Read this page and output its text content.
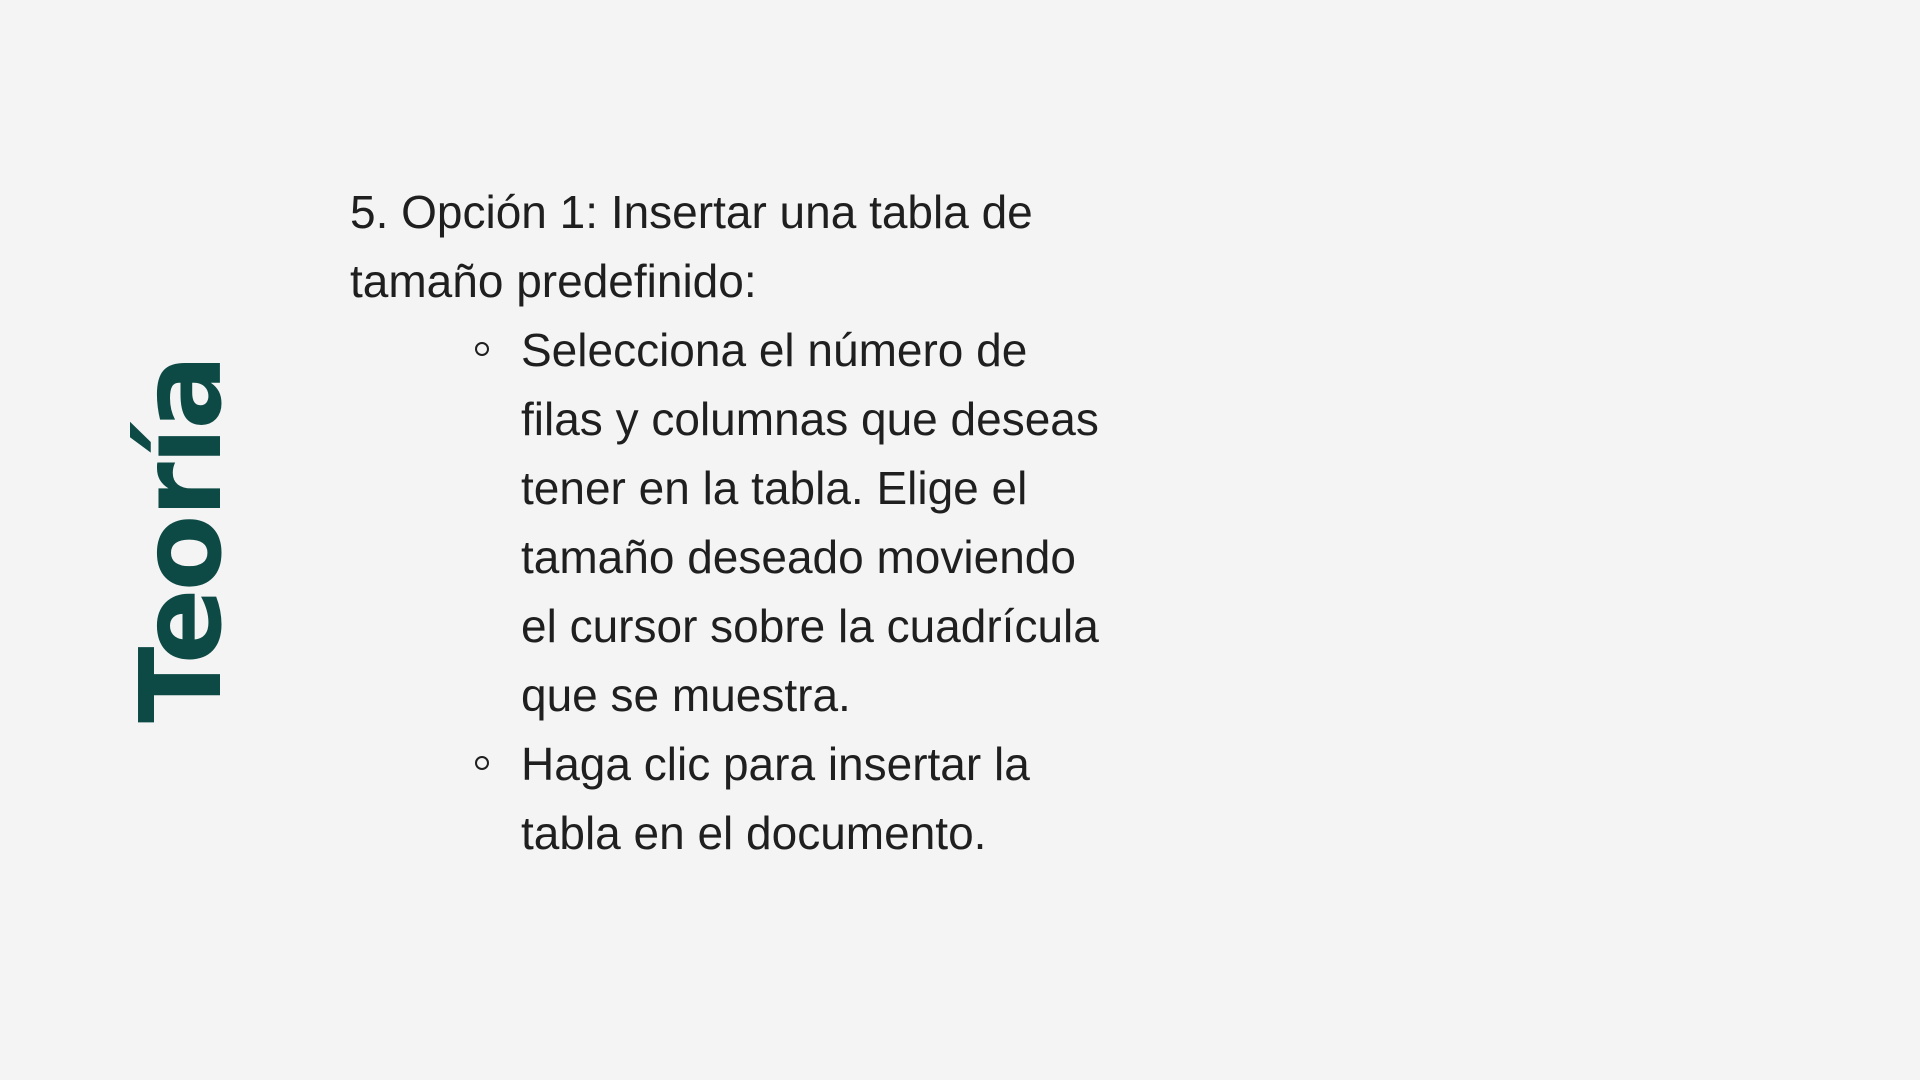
Teoría

5. Opción 1: Insertar una tabla de tamaño predefinido:

Selecciona el número de filas y columnas que deseas tener en la tabla. Elige el tamaño deseado moviendo el cursor sobre la cuadrícula que se muestra.
Haga clic para insertar la tabla en el documento.
